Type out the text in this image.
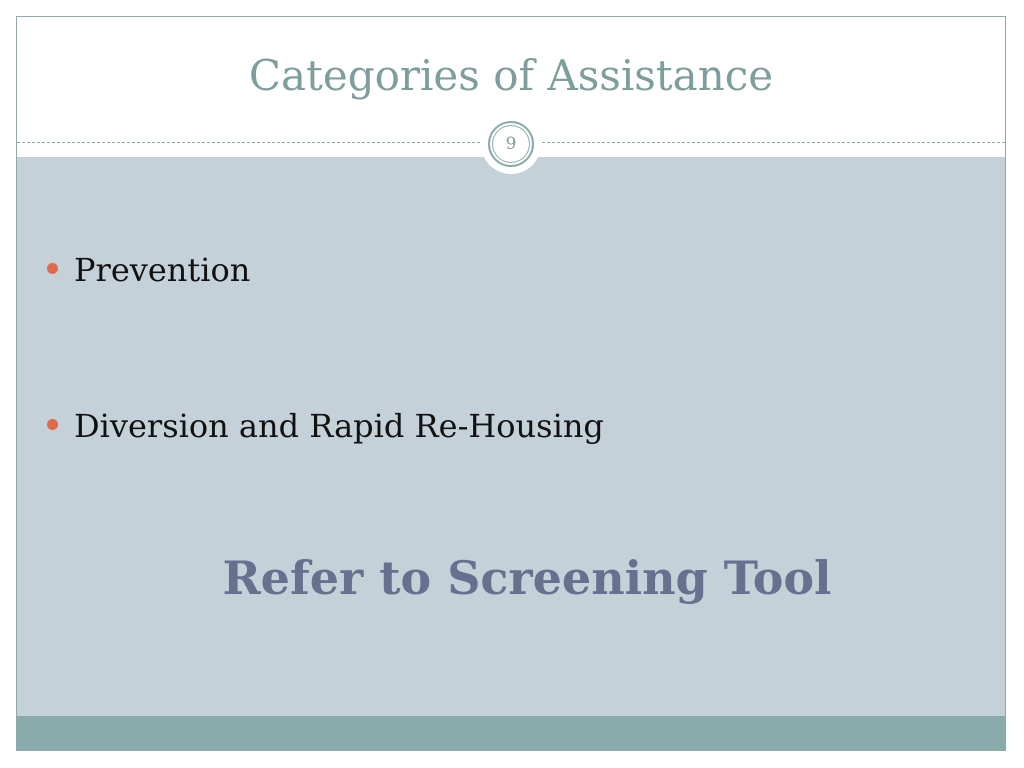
Categories of Assistance
Prevention
Diversion and Rapid Re-Housing
Refer to Screening Tool
9
